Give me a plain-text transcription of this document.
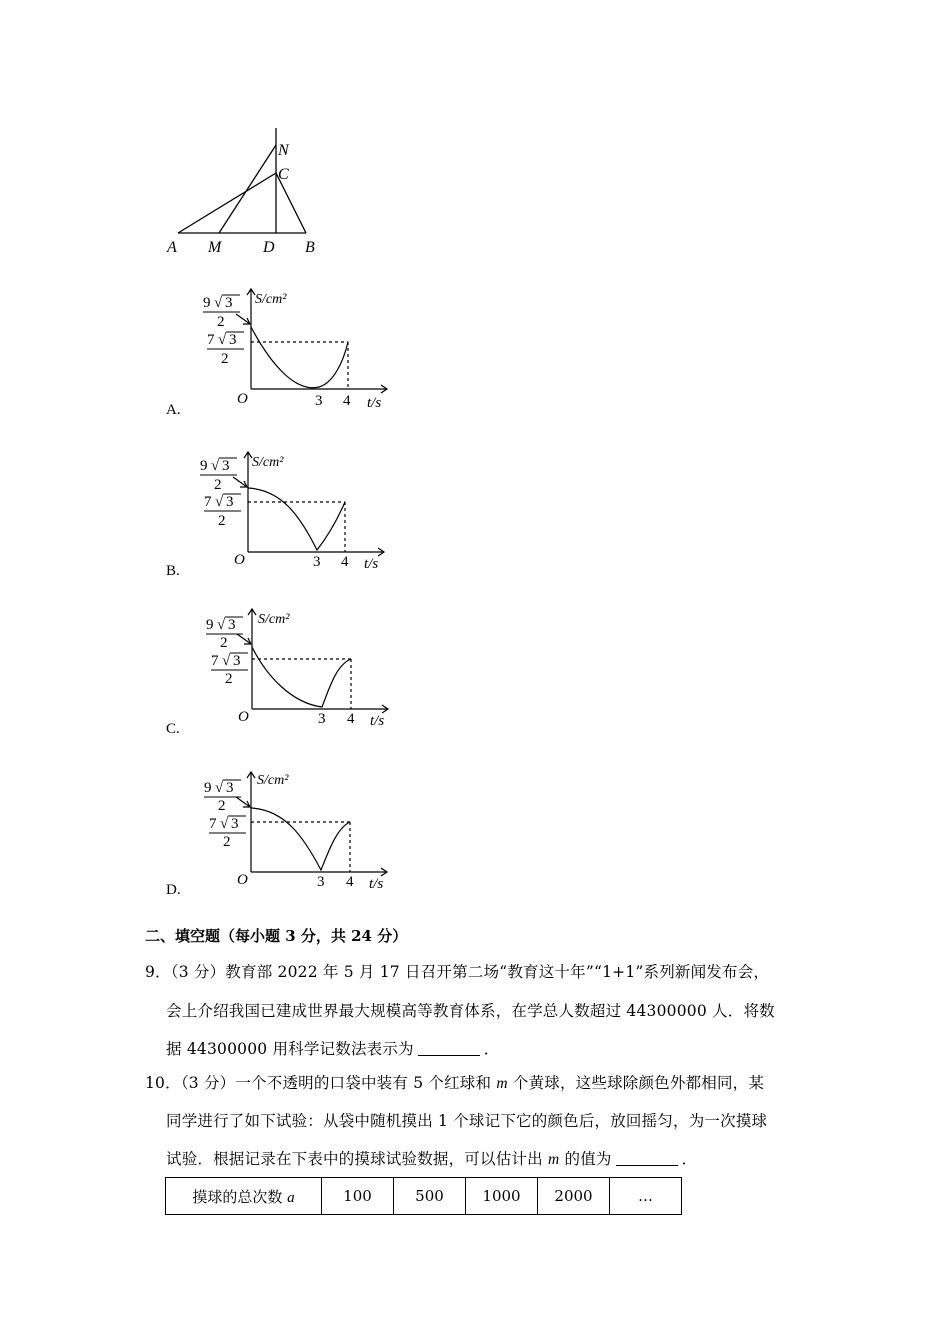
N
C
A M	D B
S/cm²
9 √ 3
2
7 √ 3
2
O	3 4 t/s
A.
S/cm²
9 √ 3
2
7 √ 3
2
O	3 4 t/s
B.
S/cm²
9 √ 3
2
7 √ 3
2
O	3 4 t/s
C.
S/cm²
9 √ 3
2
7 √ 3
2
O	3 4 t/s
D.
二、填空题（每小题 3 分，共 24 分）
9．（3 分）教育部 2022 年 5 月 17 日召开第二场“教育这十年”“1+1”系列新闻发布会，
会上介绍我国已建成世界最大规模高等教育体系，在学总人数超过 44300000 人．将数
据 44300000 用科学记数法表示为	．
10．（3 分）一个不透明的口袋中装有 5 个红球和 m 个黄球，这些球除颜色外都相同，某
同学进行了如下试验：从袋中随机摸出 1 个球记下它的颜色后，放回摇匀，为一次摸球
试验．根据记录在下表中的摸球试验数据，可以估计出 m 的值为	．
摸球的总次数 a	100	500	1000	2000	…
